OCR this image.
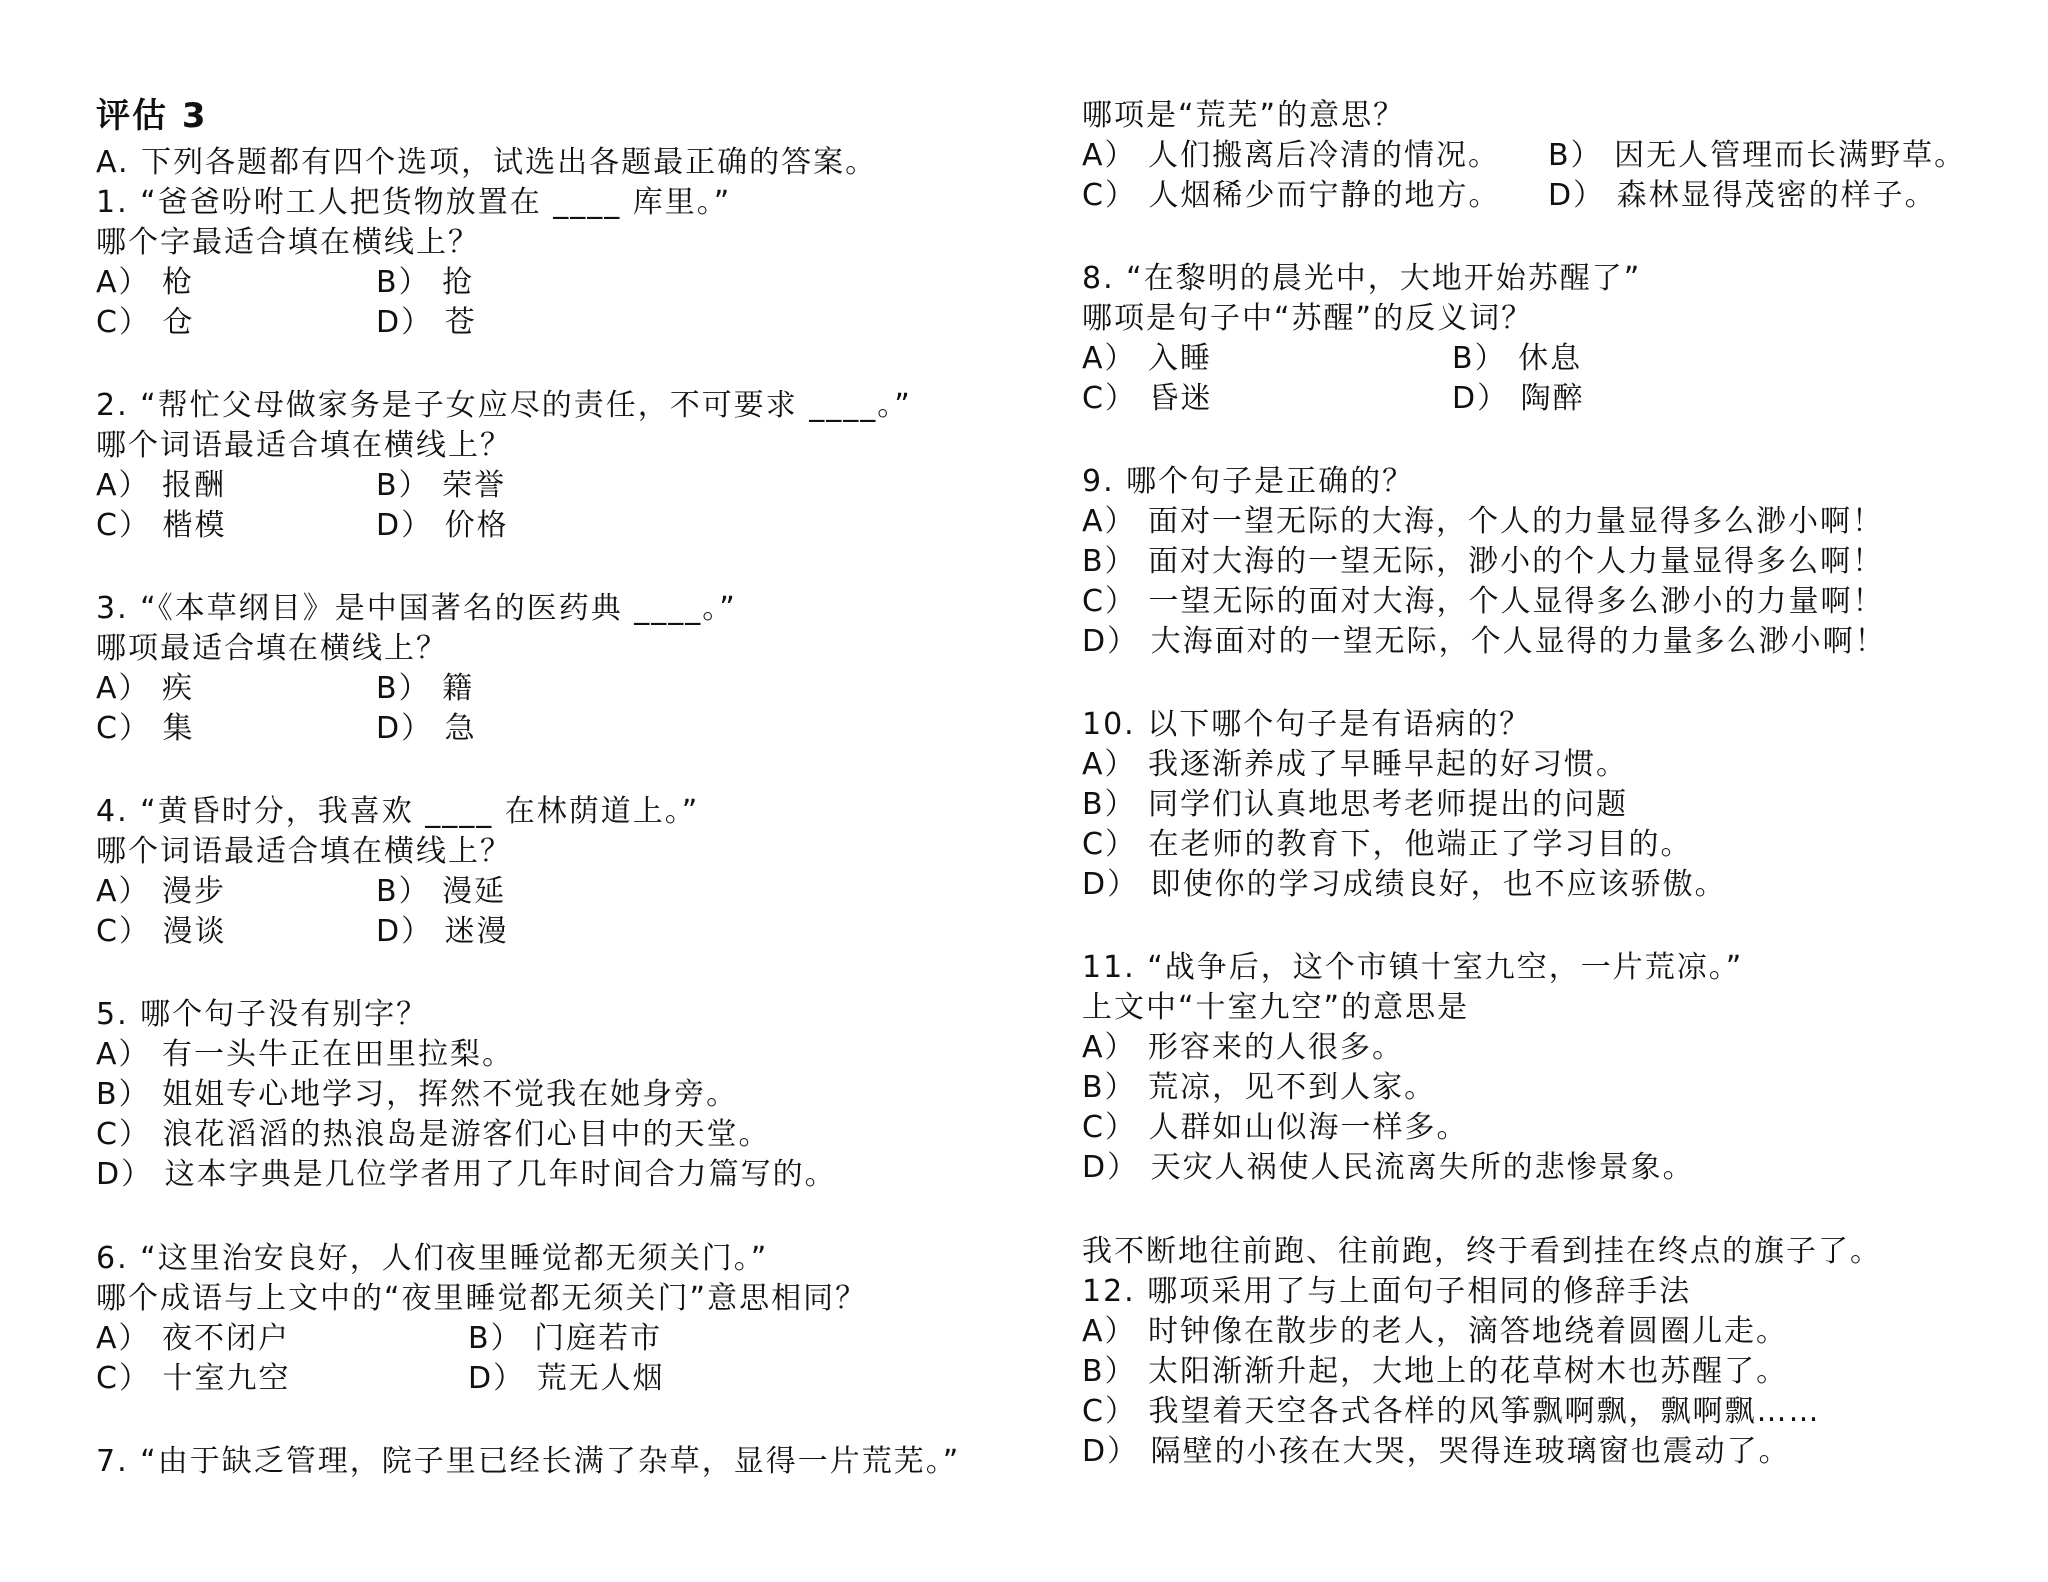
评估 3
A. 下列各题都有四个选项，试选出各题最正确的答案。
1. “爸爸吩咐工人把货物放置在 ____ 库里。”
哪个字最适合填在横线上？
A） 枪	B） 抢
C） 仓	D） 苍
2. “帮忙父母做家务是子女应尽的责任，不可要求 ____。”
哪个词语最适合填在横线上？
A） 报酬	B） 荣誉
C） 楷模	D） 价格
3. “《本草纲目》是中国著名的医药典 ____。”
哪项最适合填在横线上？
A） 疾	B） 籍
C） 集	D） 急
4. “黄昏时分，我喜欢 ____ 在林荫道上。”
哪个词语最适合填在横线上？
A） 漫步	B） 漫延
C） 漫谈	D） 迷漫
5. 哪个句子没有别字？
A） 有一头牛正在田里拉梨。
B） 姐姐专心地学习，挥然不觉我在她身旁。
C） 浪花滔滔的热浪岛是游客们心目中的天堂。
D） 这本字典是几位学者用了几年时间合力篇写的。
6. “这里治安良好，人们夜里睡觉都无须关门。”
哪个成语与上文中的“夜里睡觉都无须关门”意思相同？
A） 夜不闭户	B） 门庭若市
C） 十室九空	D） 荒无人烟
7. “由于缺乏管理，院子里已经长满了杂草，显得一片荒芜。”
哪项是“荒芜”的意思？
A） 人们搬离后冷清的情况。 B） 因无人管理而长满野草。
C） 人烟稀少而宁静的地方。 D） 森林显得茂密的样子。
8. “在黎明的晨光中，大地开始苏醒了”
哪项是句子中“苏醒”的反义词？
A） 入睡	B） 休息
C） 昏迷	D） 陶醉
9. 哪个句子是正确的？
A） 面对一望无际的大海，个人的力量显得多么渺小啊！
B） 面对大海的一望无际，渺小的个人力量显得多么啊！
C） 一望无际的面对大海，个人显得多么渺小的力量啊！
D） 大海面对的一望无际，个人显得的力量多么渺小啊！
10. 以下哪个句子是有语病的？
A） 我逐渐养成了早睡早起的好习惯。
B） 同学们认真地思考老师提出的问题
C） 在老师的教育下，他端正了学习目的。
D） 即使你的学习成绩良好，也不应该骄傲。
11. “战争后，这个市镇十室九空，一片荒凉。”
上文中“十室九空”的意思是
A） 形容来的人很多。
B） 荒凉，见不到人家。
C） 人群如山似海一样多。
D） 天灾人祸使人民流离失所的悲惨景象。
我不断地往前跑、往前跑，终于看到挂在终点的旗子了。
12. 哪项采用了与上面句子相同的修辞手法
A） 时钟像在散步的老人，滴答地绕着圆圈儿走。
B） 太阳渐渐升起，大地上的花草树木也苏醒了。
C） 我望着天空各式各样的风筝飘啊飘，飘啊飘……
D） 隔壁的小孩在大哭，哭得连玻璃窗也震动了。
